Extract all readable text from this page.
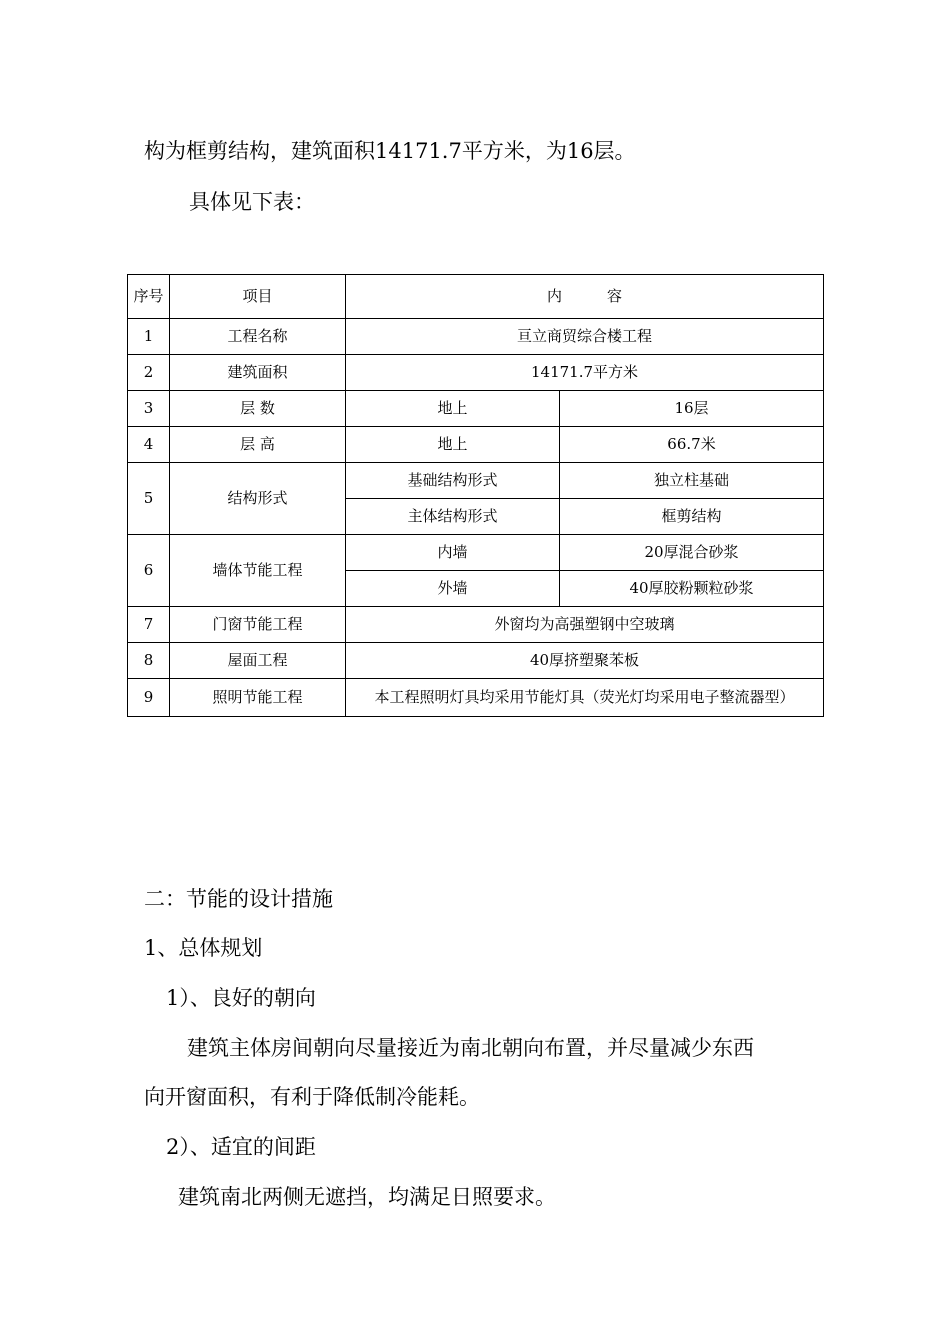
构为框剪结构，建筑面积14171.7平方米，为16层。
具体见下表：
序号	项目	内　　　容	
1	工程名称	亘立商贸综合楼工程	
2	建筑面积	14171.7平方米	
3	层 数	地上	16层
4	层 高	地上	66.7米
5	结构形式	基础结构形式	独立柱基础
		主体结构形式	框剪结构
6	墙体节能工程	内墙	20厚混合砂浆
		外墙	40厚胶粉颗粒砂浆
7	门窗节能工程	外窗均为高强塑钢中空玻璃	
8	屋面工程	40厚挤塑聚苯板	
9	照明节能工程	本工程照明灯具均采用节能灯具（荧光灯均采用电子整流器型）	
二：节能的设计措施
1、总体规划
1）、良好的朝向
建筑主体房间朝向尽量接近为南北朝向布置，并尽量减少东西
向开窗面积，有利于降低制冷能耗。
2）、适宜的间距
建筑南北两侧无遮挡，均满足日照要求。
